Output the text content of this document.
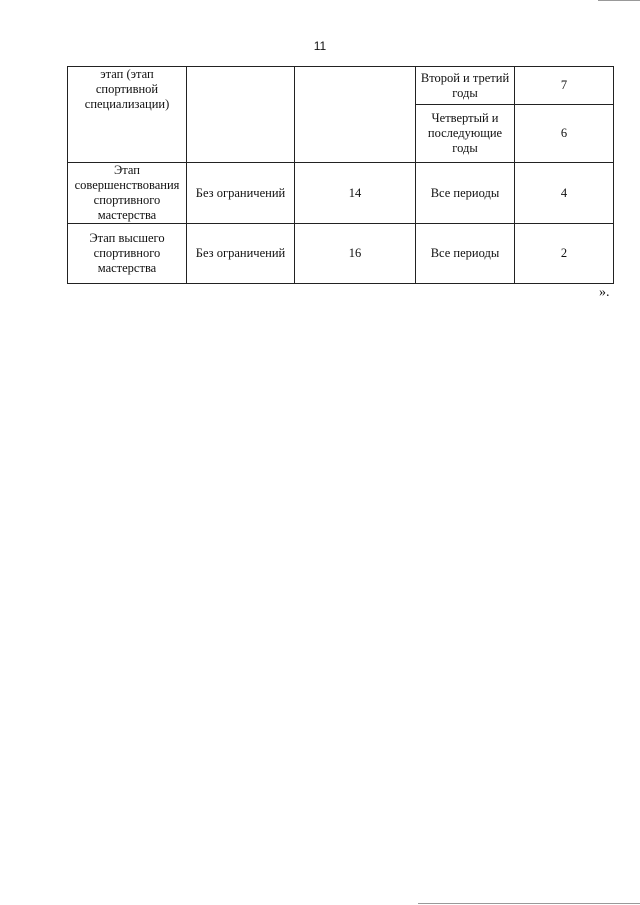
11
этап (этап спортивной специализации)			Второй и третий годы	7
			Четвертый и последующие годы	6
Этап совершенствования спортивного мастерства	Без ограничений	14	Все периоды	4
Этап высшего спортивного мастерства	Без ограничений	16	Все периоды	2
».
